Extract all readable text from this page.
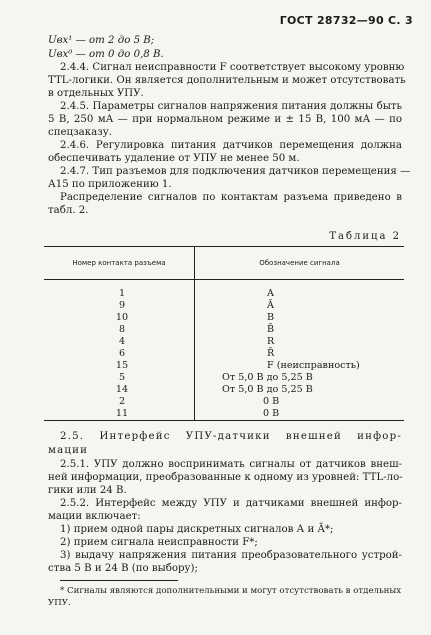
ГОСТ 28732—90 С. 3
Uвх¹ — от 2 до 5 В;
Uвх⁰ — от 0 до 0,8 В.
2.4.4. Сигнал неисправности F соответствует высокому уровню
TTL-логики. Он является дополнительным и может отсутствовать
в отдельных УПУ.
2.4.5. Параметры сигналов напряжения питания должны быть
5 В, 250 мА — при нормальном режиме и ± 15 В, 100 мА — по
спецзаказу.
2.4.6. Регулировка питания датчиков перемещения должна
обеспечивать удаление от УПУ не менее 50 м.
2.4.7. Тип разъемов для подключения датчиков перемещения —
А15 по приложению 1.
Распределение сигналов по контактам разъема приведено в
табл. 2.
Таблица 2
Номер контакта разъема	Обозначение сигнала
1	A
9	Ā
10	B
8	B̄
4	R
6	R̄
15	F (неисправность)
5	От 5,0 В до 5,25 В
14	От 5,0 В до 5,25 В
2	0 В
11	0 В
2.5. Интерфейс УПУ-датчики внешней инфор-
мации
2.5.1. УПУ должно воспринимать сигналы от датчиков внеш-
ней информации, преобразованные к одному из уровней: TTL-ло-
гики или 24 В.
2.5.2. Интерфейс между УПУ и датчиками внешней инфор-
мации включает:
1) прием одной пары дискретных сигналов А и Ā*;
2) прием сигнала неисправности F*;
3) выдачу напряжения питания преобразовательного устрой-
ства 5 В и 24 В (по выбору);
* Сигналы являются дополнительными и могут отсутствовать в отдельных
УПУ.
